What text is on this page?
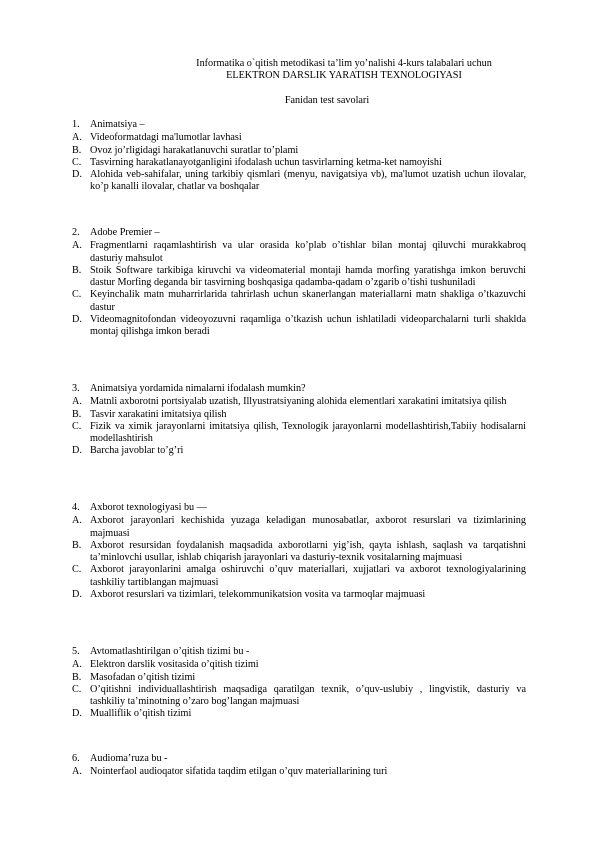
Informatika o`qitish metodikasi ta’lim yo’nalishi 4-kurs talabalari uchun
ELEKTRON DARSLIK YARATISH TEXNOLOGIYASI
Fanidan test savolari
1.	Animatsiya –
A. Videoformatdagi ma'lumotlar lavhasi
B. Ovoz jo’rligidagi harakatlanuvchi suratlar to’plami
C. Tasvirning harakatlanayotganligini ifodalash uchun tasvirlarning ketma-ket namoyishi
D. Alohida veb-sahifalar, uning tarkibiy qismlari (menyu, navigatsiya vb), ma'lumot uzatish uchun ilovalar, ko’p kanalli ilovalar, chatlar va boshqalar
2.	Adobe Premier –
A. Fragmentlarni raqamlashtirish va ular orasida ko’plab o’tishlar bilan montaj qiluvchi murakkabroq dasturiy mahsulot
B. Stoik Software tarkibiga kiruvchi va videomaterial montaji hamda morfing yaratishga imkon beruvchi dastur Morfing deganda bir tasvirning boshqasiga qadamba-qadam o’zgarib o’tishi tushuniladi
C. Keyinchalik matn muharrirlarida tahrirlash uchun skanerlangan materiallarni matn shakliga o’tkazuvchi dastur
D. Videomagnitofondan videoyozuvni raqamliga o’tkazish uchun ishlatiladi videoparchalarni turli shaklda montaj qilishga imkon beradi
3.	Animatsiya yordamida nimalarni ifodalash mumkin?
A. Matnli axborotni portsiyalab uzatish, Illyustratsiyaning alohida elementlari xarakatini imitatsiya qilish
B. Tasvir xarakatini imitatsiya qilish
C. Fizik va ximik jarayonlarni imitatsiya qilish, Texnologik jarayonlarni modellashtirish,Tabiiy hodisalarni modellashtirish
D. Barcha javoblar to’g’ri
4.	Axborot texnologiyasi bu —
A. Axborot jarayonlari kechishida yuzaga keladigan munosabatlar, axborot resurslari va tizimlarining majmuasi
B. Axborot resursidan foydalanish maqsadida axborotlarni yig’ish, qayta ishlash, saqlash va tarqatishni ta’minlovchi usullar, ishlab chiqarish jarayonlari va dasturiy-texnik vositalarning majmuasi
C. Axborot jarayonlarini amalga oshiruvchi o’quv materiallari, xujjatlari va axborot texnologiyalarining tashkiliy tartiblangan majmuasi
D. Axborot resurslari va tizimlari, telekommunikatsion vosita va tarmoqlar majmuasi
5.	Avtomatlashtirilgan o’qitish tizimi bu -
A. Elektron darslik vositasida o’qitish tizimi
B. Masofadan o’qitish tizimi
C. O’qitishni individuallashtirish maqsadiga qaratilgan texnik, o’quv-uslubiy , lingvistik, dasturiy va tashkiliy ta’minotning o’zaro bog’langan majmuasi
D. Mualliflik o’qitish tizimi
6.	Audioma’ruza bu -
A. Nointerfaol audioqator sifatida taqdim etilgan o’quv materiallarining turi
